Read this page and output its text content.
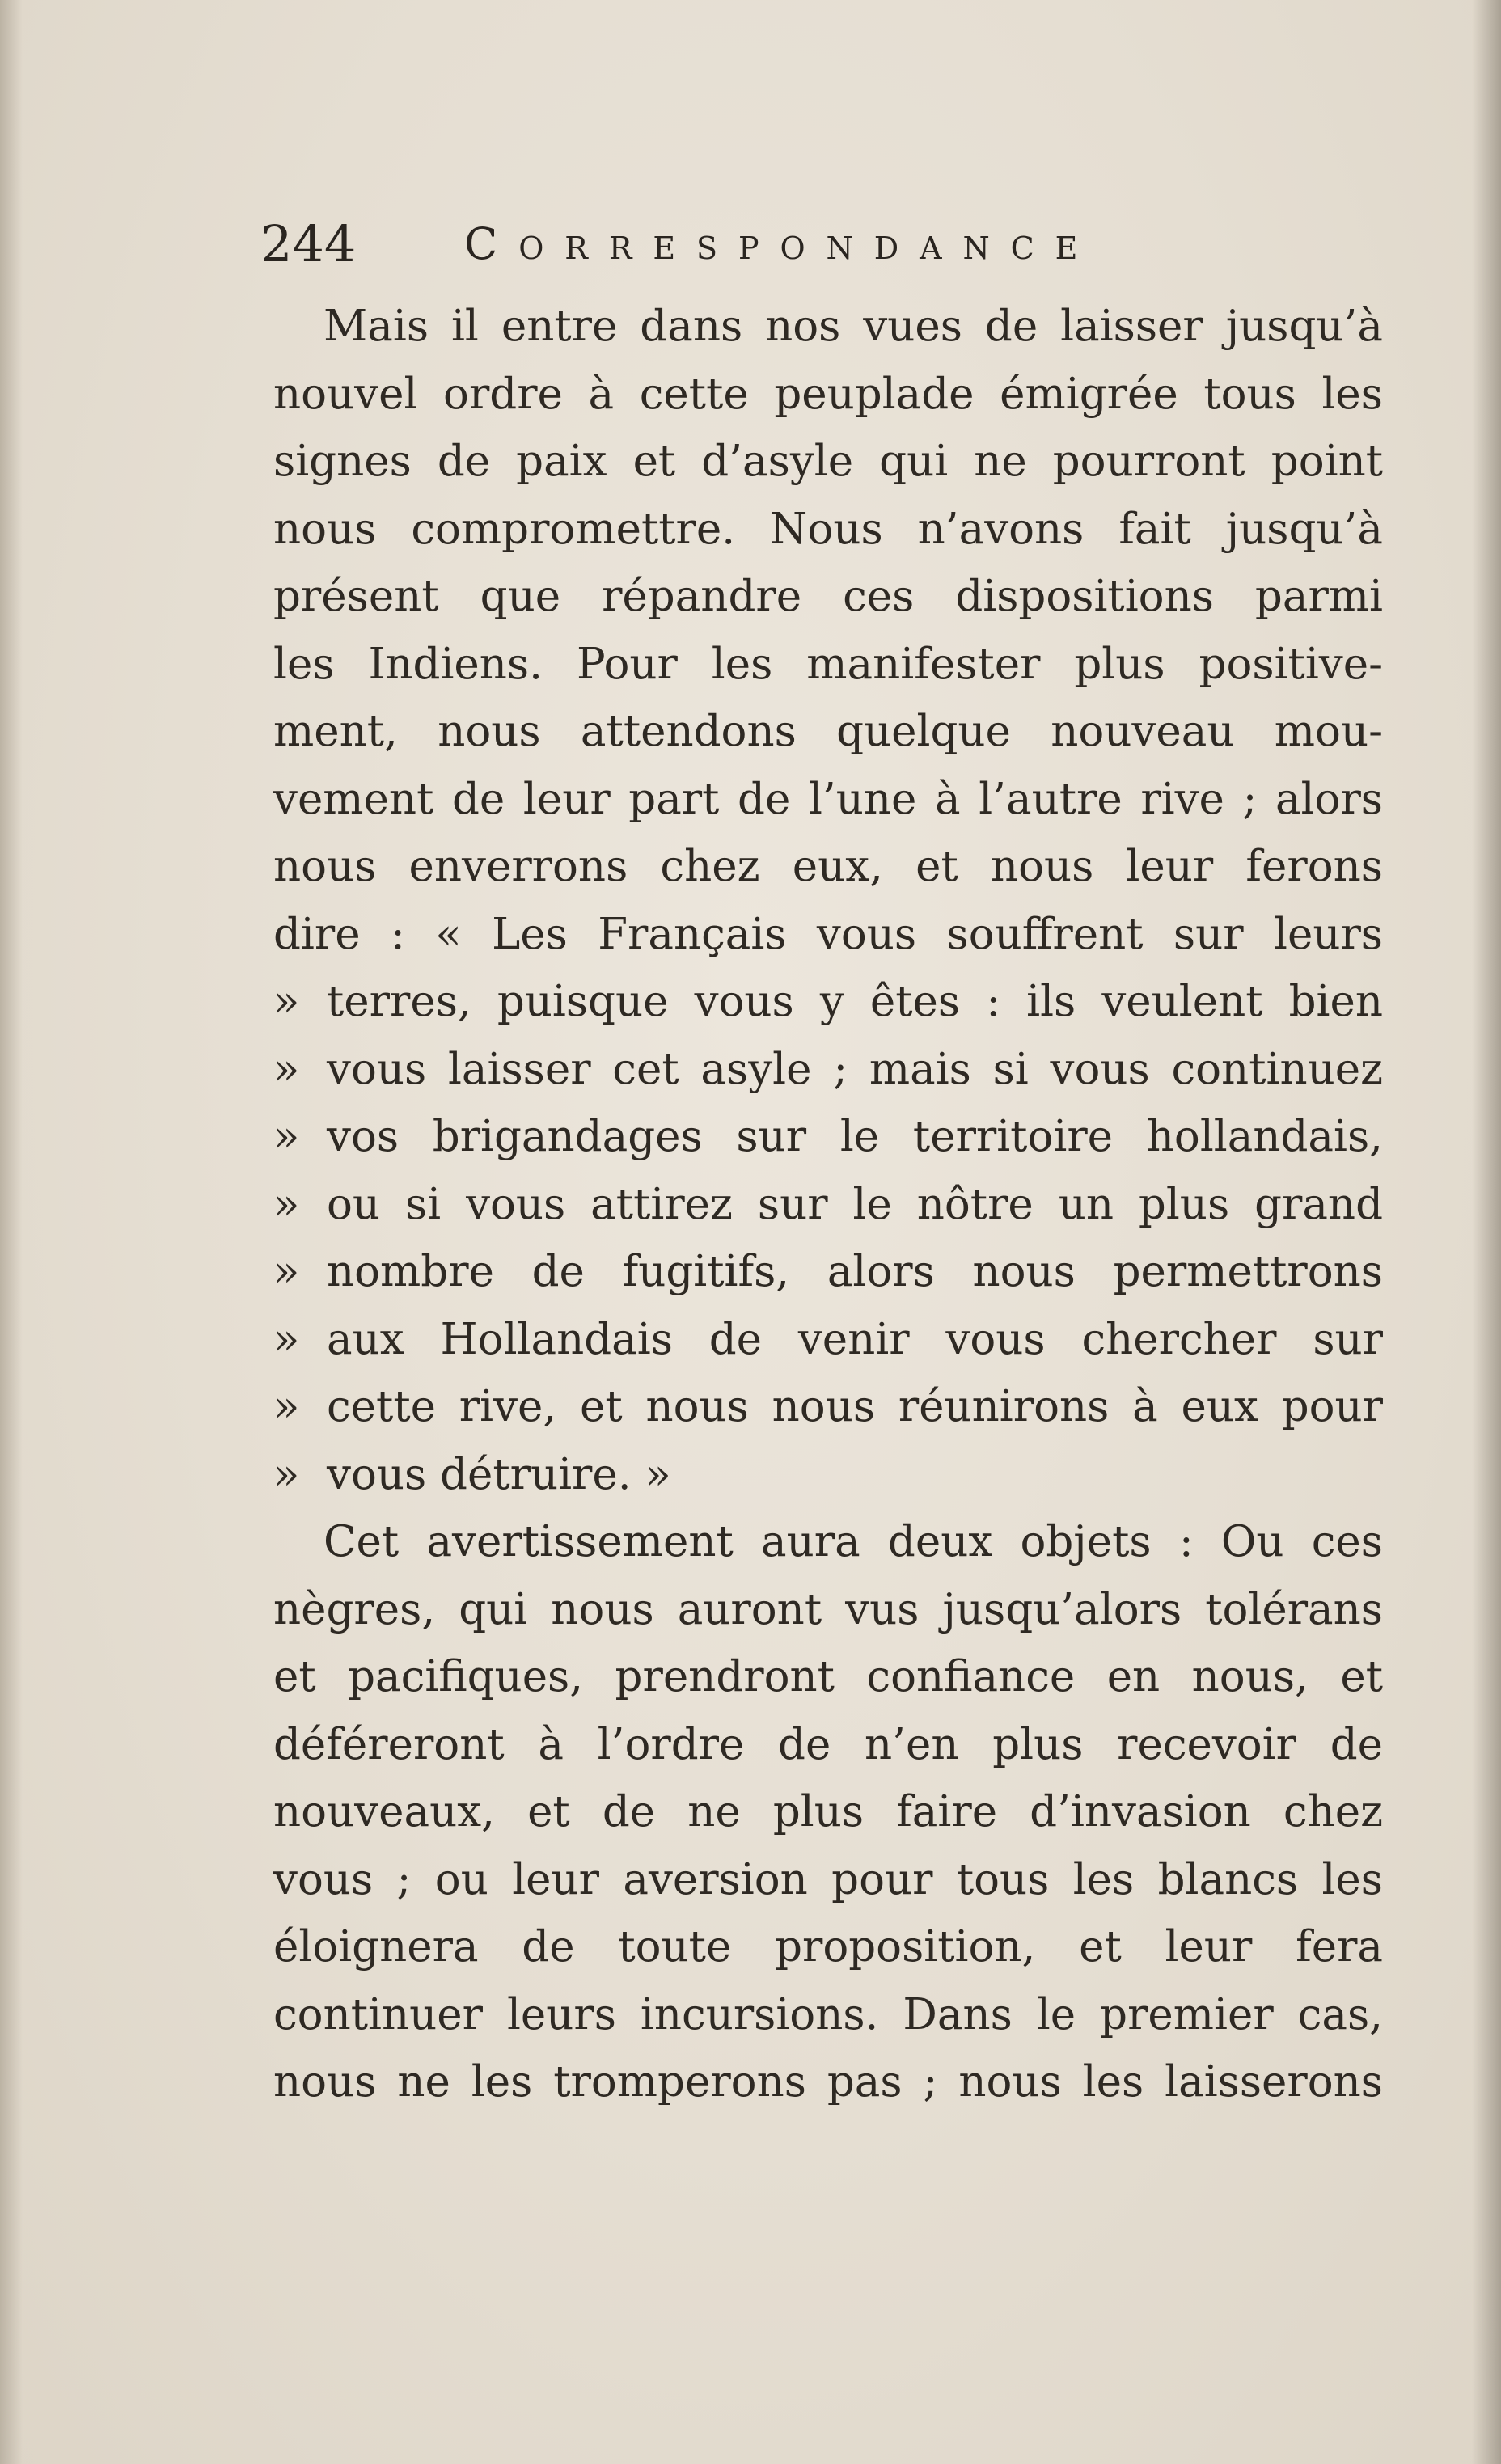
244 Correspondance
Mais il entre dans nos vues de laisser jusqu’à
nouvel ordre à cette peuplade émigrée tous les
signes de paix et d’asyle qui ne pourront point
nous compromettre. Nous n’avons fait jusqu’à
présent que répandre ces dispositions parmi
les Indiens. Pour les manifester plus positive-
ment, nous attendons quelque nouveau mou-
vement de leur part de l’une à l’autre rive ; alors
nous enverrons chez eux, et nous leur ferons
dire : « Les Français vous souffrent sur leurs
» terres, puisque vous y êtes : ils veulent bien
» vous laisser cet asyle ; mais si vous continuez
» vos brigandages sur le territoire hollandais,
» ou si vous attirez sur le nôtre un plus grand
» nombre de fugitifs, alors nous permettrons
» aux Hollandais de venir vous chercher sur
» cette rive, et nous nous réunirons à eux pour
» vous détruire. »
Cet avertissement aura deux objets : Ou ces
nègres, qui nous auront vus jusqu’alors tolérans
et pacifiques, prendront confiance en nous, et
déféreront à l’ordre de n’en plus recevoir de
nouveaux, et de ne plus faire d’invasion chez
vous ; ou leur aversion pour tous les blancs les
éloignera de toute proposition, et leur fera
continuer leurs incursions. Dans le premier cas,
nous ne les tromperons pas ; nous les laisserons
